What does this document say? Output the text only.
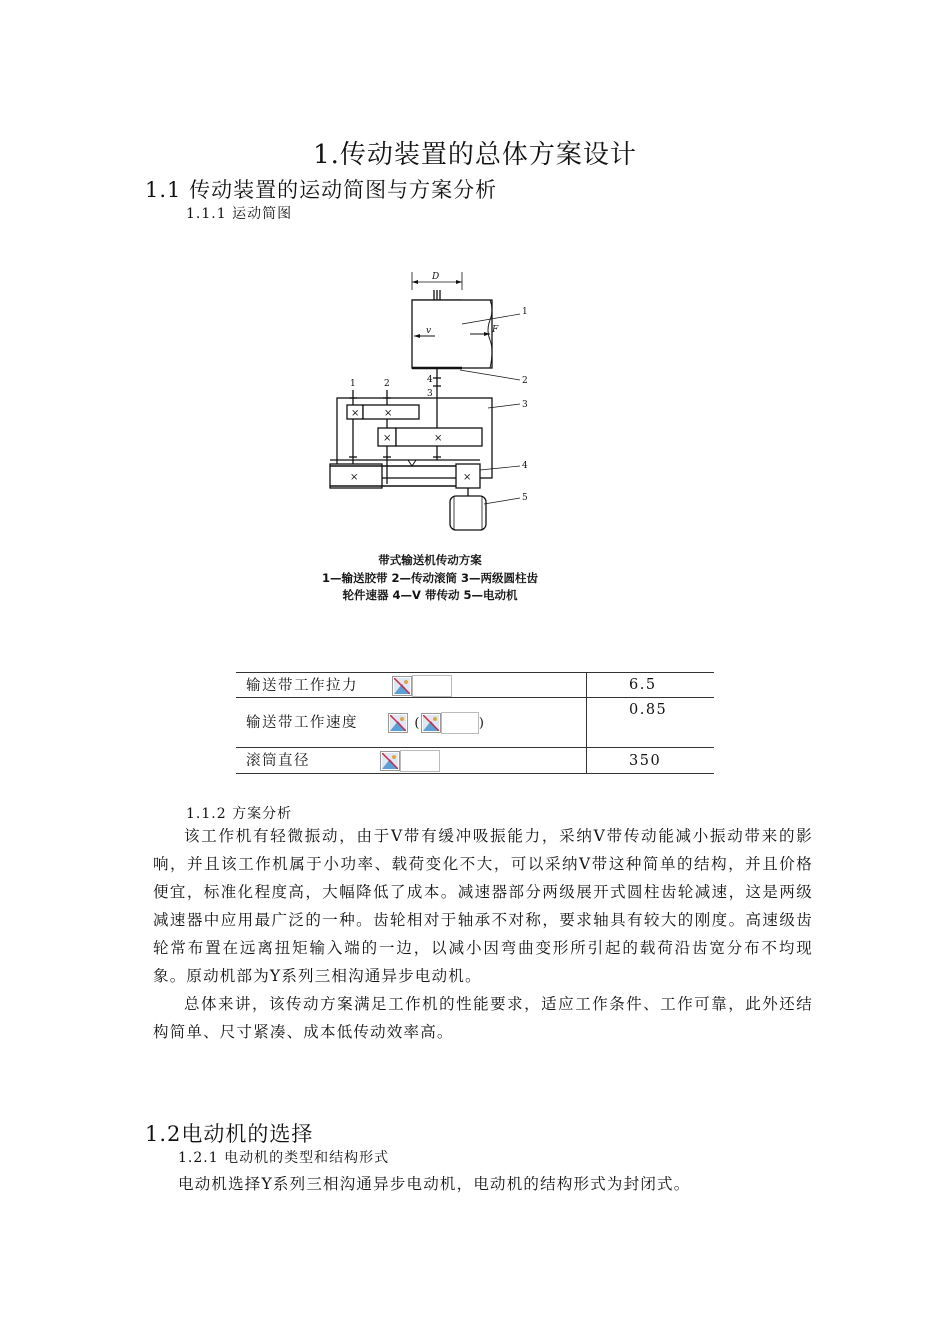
1.传动装置的总体方案设计
1.1 传动装置的运动简图与方案分析
1.1.1 运动简图
D
v	F
1
2
4
3
3
1	2
× ×
×	×
×	×
4
5
带式输送机传动方案
1—输送胶带 2—传动滚筒 3—两级圆柱齿
轮件速器 4—V 带传动 5—电动机
输送带工作拉力	6.5
输送带工作速度 ( )	0.85
滚筒直径	350
1.1.2 方案分析

该工作机有轻微振动，由于V带有缓冲吸振能力，采纳V带传动能减小振动带来的影响，并且该工作机属于小功率、载荷变化不大，可以采纳V带这种简单的结构，并且价格便宜，标准化程度高，大幅降低了成本。减速器部分两级展开式圆柱齿轮减速，这是两级减速器中应用最广泛的一种。齿轮相对于轴承不对称，要求轴具有较大的刚度。高速级齿轮常布置在远离扭矩输入端的一边，以减小因弯曲变形所引起的载荷沿齿宽分布不均现象。原动机部为Y系列三相沟通异步电动机。

总体来讲，该传动方案满足工作机的性能要求，适应工作条件、工作可靠，此外还结构简单、尺寸紧凑、成本低传动效率高。

1.2电动机的选择
1.2.1 电动机的类型和结构形式
电动机选择Y系列三相沟通异步电动机，电动机的结构形式为封闭式。
